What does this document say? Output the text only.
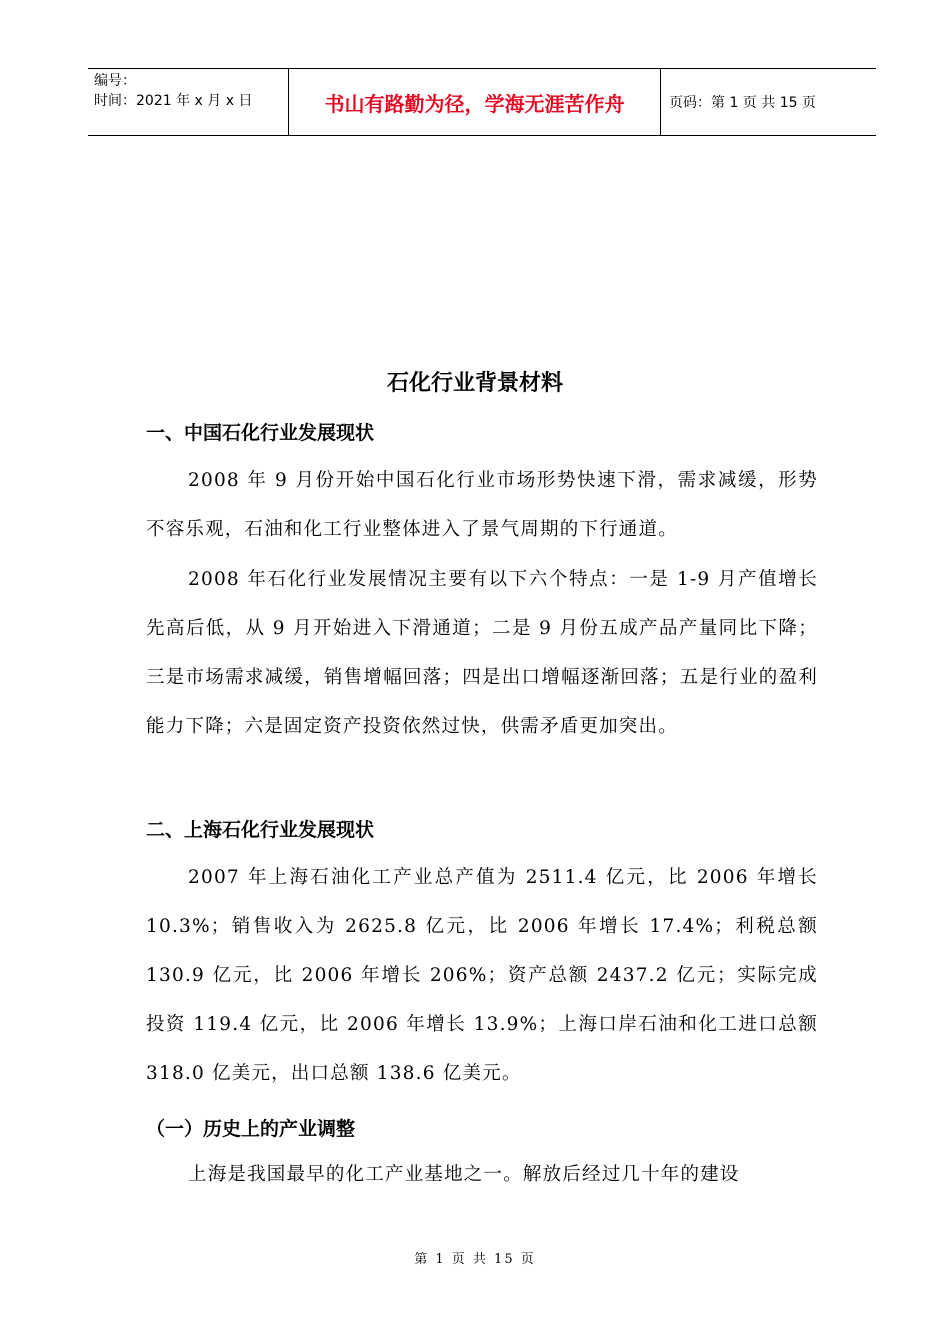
编号：
时间：2021 年 x 月 x 日	书山有路勤为径，学海无涯苦作舟	页码：第 1 页 共 15 页
石化行业背景材料
一、中国石化行业发展现状

2008 年 9 月份开始中国石化行业市场形势快速下滑，需求减缓，形势不容乐观，石油和化工行业整体进入了景气周期的下行通道。

2008 年石化行业发展情况主要有以下六个特点：一是 1-9 月产值增长先高后低，从 9 月开始进入下滑通道；二是 9 月份五成产品产量同比下降；三是市场需求减缓，销售增幅回落；四是出口增幅逐渐回落；五是行业的盈利能力下降；六是固定资产投资依然过快，供需矛盾更加突出。

二、上海石化行业发展现状

2007 年上海石油化工产业总产值为 2511.4 亿元，比 2006 年增长 10.3%；销售收入为 2625.8 亿元，比 2006 年增长 17.4%；利税总额 130.9 亿元，比 2006 年增长 206%；资产总额 2437.2 亿元；实际完成投资 119.4 亿元，比 2006 年增长 13.9%；上海口岸石油和化工进口总额 318.0 亿美元，出口总额 138.6 亿美元。

（一）历史上的产业调整

上海是我国最早的化工产业基地之一。解放后经过几十年的建设

第 1 页 共 15 页
